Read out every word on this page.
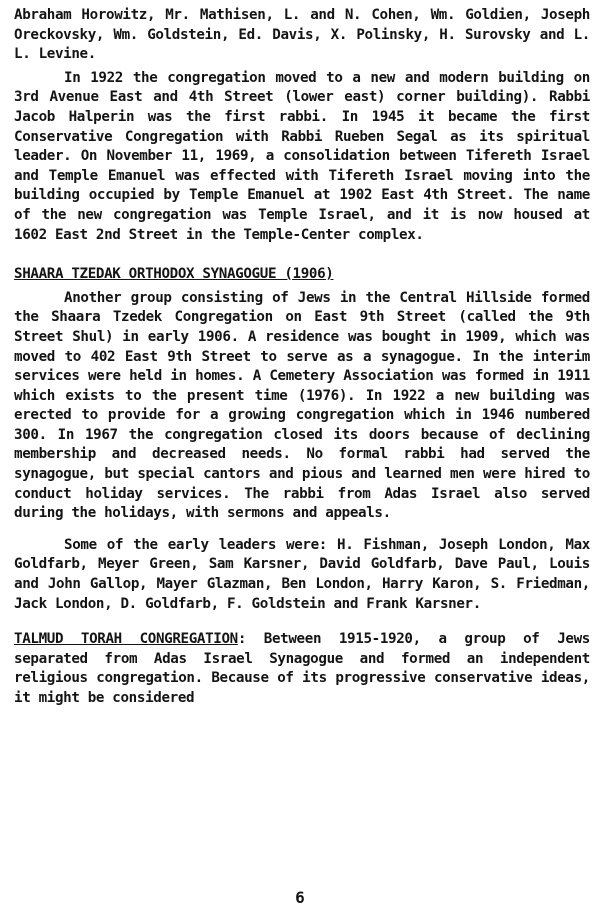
Abraham Horowitz, Mr. Mathisen, L. and N. Cohen, Wm. Goldien, Joseph Oreckovsky, Wm. Goldstein, Ed. Davis, X. Polinsky, H. Surovsky and L. L. Levine.

In 1922 the congregation moved to a new and modern building on 3rd Avenue East and 4th Street (lower east) corner building). Rabbi Jacob Halperin was the first rabbi. In 1945 it became the first Conservative Congregation with Rabbi Rueben Segal as its spiritual leader. On November 11, 1969, a consolidation between Tifereth Israel and Temple Emanuel was effected with Tifereth Israel moving into the building occupied by Temple Emanuel at 1902 East 4th Street. The name of the new congregation was Temple Israel, and it is now housed at 1602 East 2nd Street in the Temple-Center complex.

SHAARA TZEDAK ORTHODOX SYNAGOGUE (1906)

Another group consisting of Jews in the Central Hillside formed the Shaara Tzedek Congregation on East 9th Street (called the 9th Street Shul) in early 1906. A residence was bought in 1909, which was moved to 402 East 9th Street to serve as a synagogue. In the interim services were held in homes. A Cemetery Association was formed in 1911 which exists to the present time (1976). In 1922 a new building was erected to provide for a growing congregation which in 1946 numbered 300. In 1967 the congregation closed its doors because of declining membership and decreased needs. No formal rabbi had served the synagogue, but special cantors and pious and learned men were hired to conduct holiday services. The rabbi from Adas Israel also served during the holidays, with sermons and appeals.

Some of the early leaders were: H. Fishman, Joseph London, Max Goldfarb, Meyer Green, Sam Karsner, David Goldfarb, Dave Paul, Louis and John Gallop, Mayer Glazman, Ben London, Harry Karon, S. Friedman, Jack London, D. Goldfarb, F. Goldstein and Frank Karsner.

TALMUD TORAH CONGREGATION: Between 1915-1920, a group of Jews separated from Adas Israel Synagogue and formed an independent religious congregation. Because of its progressive conservative ideas, it might be considered

6
